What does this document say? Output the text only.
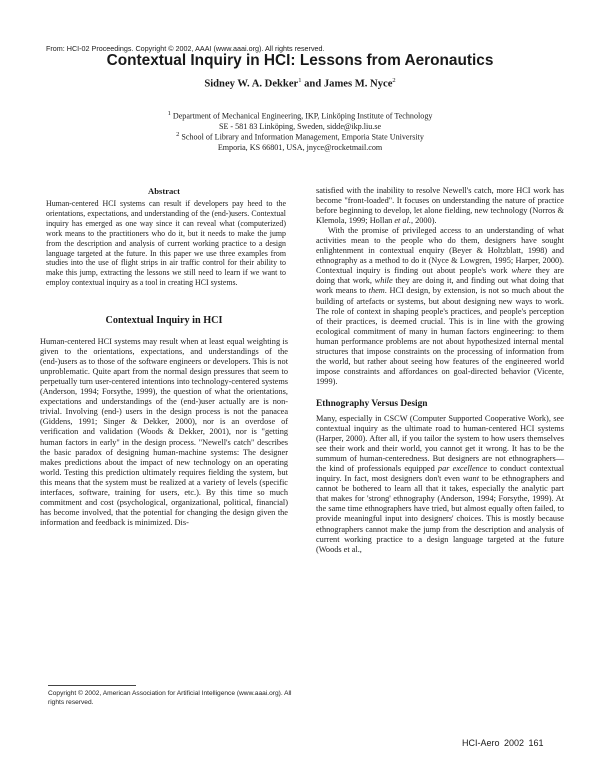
From: HCI-02 Proceedings. Copyright © 2002, AAAI (www.aaai.org). All rights reserved.
Contextual Inquiry in HCI: Lessons from Aeronautics
Sidney W. A. Dekker$^1$ and James M. Nyce$^2$
$^1$ Department of Mechanical Engineering, IKP, Linköping Institute of Technology
SE - 581 83 Linköping, Sweden, sidde@ikp.liu.se
$^2$ School of Library and Information Management, Emporia State University
Emporia, KS 66801, USA, jnyce@rocketmail.com
Abstract
Human-centered HCI systems can result if developers pay heed to the orientations, expectations, and understanding of the (end-)users. Contextual inquiry has emerged as one way since it can reveal what (computerized) work means to the practitioners who do it, but it needs to make the jump from the description and analysis of current working practice to a design language targeted at the future. In this paper we use three examples from studies into the use of flight strips in air traffic control for their ability to make this jump, extracting the lessons we still need to learn if we want to employ contextual inquiry as a tool in creating HCI systems.
Contextual Inquiry in HCI

Human-centered HCI systems may result when at least equal weighting is given to the orientations, expectations, and understandings of the (end-)users as to those of the software engineers or developers. This is not unproblematic. Quite apart from the normal design pressures that seem to perpetually turn user-centered intentions into technology-centered systems (Anderson, 1994; Forsythe, 1999), the question of what the orientations, expectations and understandings of the (end-)user actually are is non-trivial. Involving (end-) users in the design process is not the panacea (Giddens, 1991; Singer & Dekker, 2000), nor is an overdose of verification and validation (Woods & Dekker, 2001), nor is "getting human factors in early" in the design process. "Newell's catch" describes the basic paradox of designing human-machine systems: The designer makes predictions about the impact of new technology on an operating world. Testing this prediction ultimately requires fielding the system, but this means that the system must be realized at a variety of levels (specific interfaces, software, training for users, etc.). By this time so much commitment and cost (psychological, organizational, political, financial) has become involved, that the potential for changing the design given the information and feedback is minimized. Dis-

Copyright © 2002, American Association for Artificial Intelligence (www.aaai.org). All rights reserved.

satisfied with the inability to resolve Newell's catch, more HCI work has become "front-loaded". It focuses on understanding the nature of practice before beginning to develop, let alone fielding, new technology (Norros & Klemola, 1999; Hollan et al., 2000).

With the promise of privileged access to an understanding of what activities mean to the people who do them, designers have sought enlightenment in contextual enquiry (Beyer & Holtzblatt, 1998) and ethnography as a method to do it (Nyce & Lowgren, 1995; Harper, 2000). Contextual inquiry is finding out about people's work where they are doing that work, while they are doing it, and finding out what doing that work means to them. HCI design, by extension, is not so much about the building of artefacts or systems, but about designing new ways to work. The role of context in shaping people's practices, and people's perception of their practices, is deemed crucial. This is in line with the growing ecological commitment of many in human factors engineering: to them human performance problems are not about hypothesized internal mental structures that impose constraints on the processing of information from the world, but rather about seeing how features of the engineered world impose constraints and affordances on goal-directed behavior (Vicente, 1999).

Ethnography Versus Design

Many, especially in CSCW (Computer Supported Cooperative Work), see contextual inquiry as the ultimate road to human-centered HCI systems (Harper, 2000). After all, if you tailor the system to how users themselves see their work and their world, you cannot get it wrong. It has to be the summum of human-centeredness. But designers are not ethnographers—the kind of professionals equipped par excellence to conduct contextual inquiry. In fact, most designers don't even want to be ethnographers and cannot be bothered to learn all that it takes, especially the analytic part that makes for 'strong' ethnography (Anderson, 1994; Forsythe, 1999). At the same time ethnographers have tried, but almost equally often failed, to provide meaningful input into designers' choices. This is mostly because ethnographers cannot make the jump from the description and analysis of current working practice to a design language targeted at the future (Woods et al.,

HCI-Aero 2002 161
